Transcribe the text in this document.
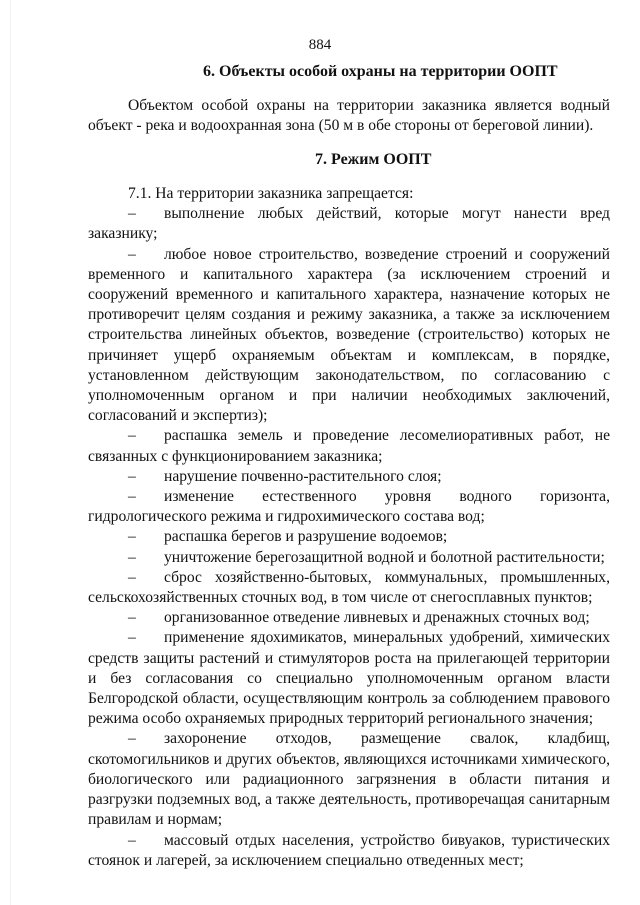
884
6. Объекты особой охраны на территории ООПТ

Объектом особой охраны на территории заказника является водный объект - река и водоохранная зона (50 м в обе стороны от береговой линии).

7. Режим ООПТ

7.1. На территории заказника запрещается:

– выполнение любых действий, которые могут нанести вред заказнику;

– любое новое строительство, возведение строений и сооружений временного и капитального характера (за исключением строений и сооружений временного и капитального характера, назначение которых не противоречит целям создания и режиму заказника, а также за исключением строительства линейных объектов, возведение (строительство) которых не причиняет ущерб охраняемым объектам и комплексам, в порядке, установленном действующим законодательством, по согласованию с уполномоченным органом и при наличии необходимых заключений, согласований и экспертиз);

– распашка земель и проведение лесомелиоративных работ, не связанных с функционированием заказника;

– нарушение почвенно-растительного слоя;

– изменение естественного уровня водного горизонта, гидрологического режима и гидрохимического состава вод;

– распашка берегов и разрушение водоемов;

– уничтожение берегозащитной водной и болотной растительности;

– сброс хозяйственно-бытовых, коммунальных, промышленных, сельскохозяйственных сточных вод, в том числе от снегосплавных пунктов;

– организованное отведение ливневых и дренажных сточных вод;

– применение ядохимикатов, минеральных удобрений, химических средств защиты растений и стимуляторов роста на прилегающей территории и без согласования со специально уполномоченным органом власти Белгородской области, осуществляющим контроль за соблюдением правового режима особо охраняемых природных территорий регионального значения;

– захоронение отходов, размещение свалок, кладбищ, скотомогильников и других объектов, являющихся источниками химического, биологического или радиационного загрязнения в области питания и разгрузки подземных вод, а также деятельность, противоречащая санитарным правилам и нормам;

– массовый отдых населения, устройство бивуаков, туристических стоянок и лагерей, за исключением специально отведенных мест;
